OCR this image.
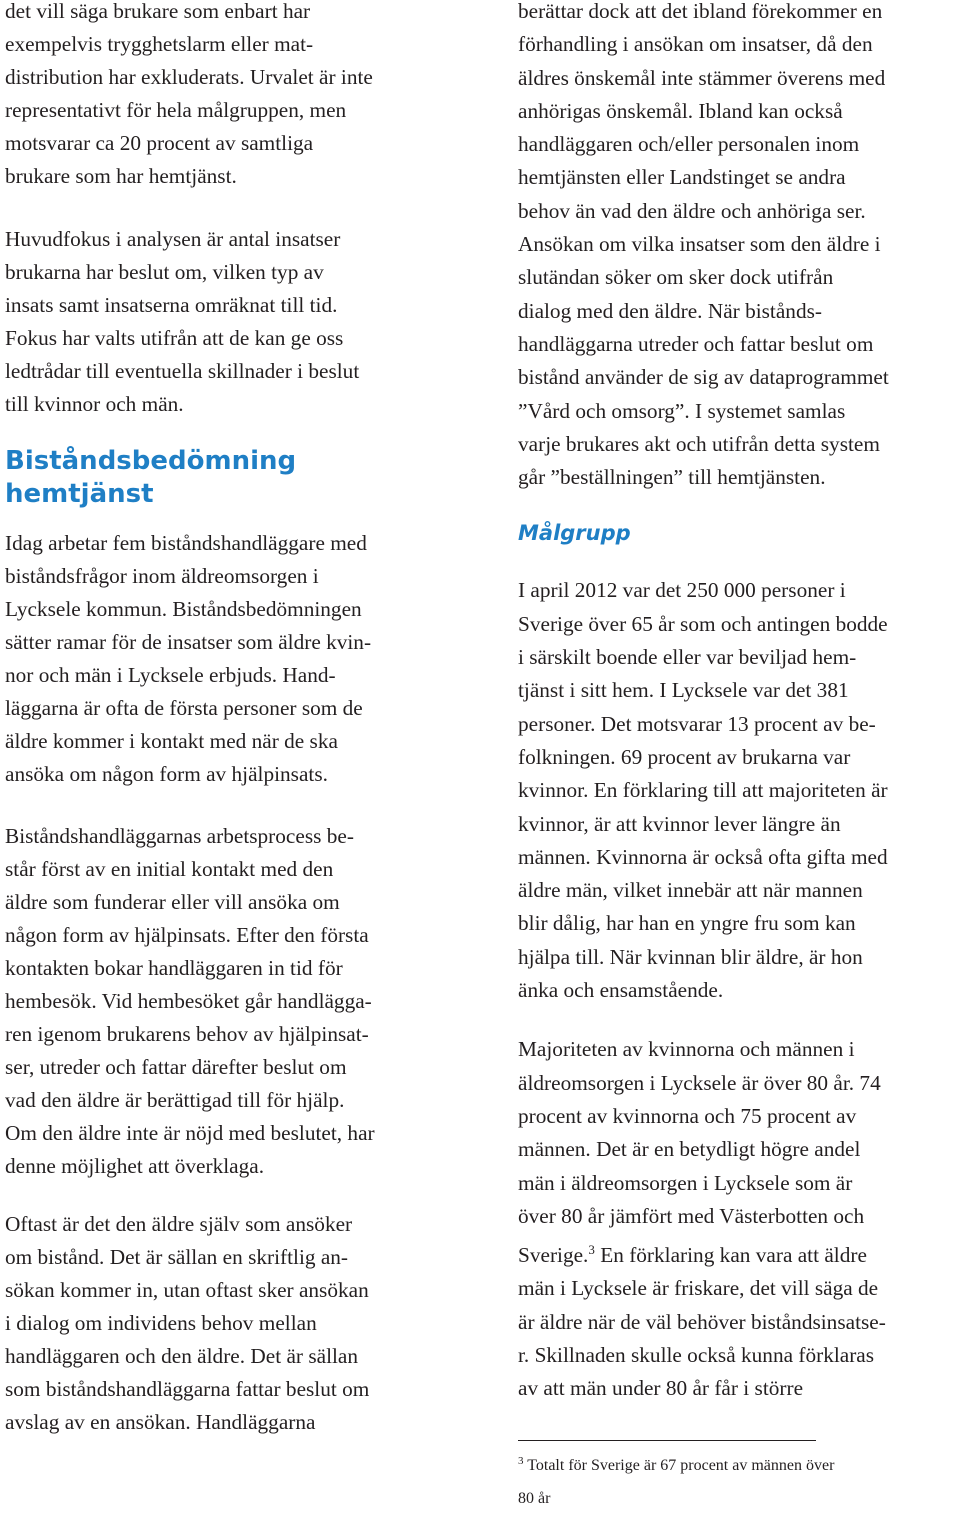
det vill säga brukare som enbart har
exempelvis trygghetslarm eller mat-
distribution har exkluderats. Urvalet är inte
representativt för hela målgruppen, men
motsvarar ca 20 procent av samtliga
brukare som har hemtjänst.

Huvudfokus i analysen är antal insatser
brukarna har beslut om, vilken typ av
insats samt insatserna omräknat till tid.
Fokus har valts utifrån att de kan ge oss
ledtrådar till eventuella skillnader i beslut
till kvinnor och män.

Biståndsbedömning
hemtjänst

Idag arbetar fem biståndshandläggare med
biståndsfrågor inom äldreomsorgen i
Lycksele kommun. Biståndsbedömningen
sätter ramar för de insatser som äldre kvin-
nor och män i Lycksele erbjuds. Hand-
läggarna är ofta de första personer som de
äldre kommer i kontakt med när de ska
ansöka om någon form av hjälpinsats.

Biståndshandläggarnas arbetsprocess be-
står först av en initial kontakt med den
äldre som funderar eller vill ansöka om
någon form av hjälpinsats. Efter den första
kontakten bokar handläggaren in tid för
hembesök. Vid hembesöket går handlägga-
ren igenom brukarens behov av hjälpinsat-
ser, utreder och fattar därefter beslut om
vad den äldre är berättigad till för hjälp.
Om den äldre inte är nöjd med beslutet, har
denne möjlighet att överklaga.

Oftast är det den äldre själv som ansöker
om bistånd. Det är sällan en skriftlig an-
sökan kommer in, utan oftast sker ansökan
i dialog om individens behov mellan
handläggaren och den äldre. Det är sällan
som biståndshandläggarna fattar beslut om
avslag av en ansökan. Handläggarna

berättar dock att det ibland förekommer en
förhandling i ansökan om insatser, då den
äldres önskemål inte stämmer överens med
anhörigas önskemål. Ibland kan också
handläggaren och/eller personalen inom
hemtjänsten eller Landstinget se andra
behov än vad den äldre och anhöriga ser.
Ansökan om vilka insatser som den äldre i
slutändan söker om sker dock utifrån
dialog med den äldre. När bistånds-
handläggarna utreder och fattar beslut om
bistånd använder de sig av dataprogrammet
”Vård och omsorg”. I systemet samlas
varje brukares akt och utifrån detta system
går ”beställningen” till hemtjänsten.

Målgrupp

I april 2012 var det 250 000 personer i
Sverige över 65 år som och antingen bodde
i särskilt boende eller var beviljad hem-
tjänst i sitt hem. I Lycksele var det 381
personer. Det motsvarar 13 procent av be-
folkningen. 69 procent av brukarna var
kvinnor. En förklaring till att majoriteten är
kvinnor, är att kvinnor lever längre än
männen. Kvinnorna är också ofta gifta med
äldre män, vilket innebär att när mannen
blir dålig, har han en yngre fru som kan
hjälpa till. När kvinnan blir äldre, är hon
änka och ensamstående.

Majoriteten av kvinnorna och männen i
äldreomsorgen i Lycksele är över 80 år. 74
procent av kvinnorna och 75 procent av
männen. Det är en betydligt högre andel
män i äldreomsorgen i Lycksele som är
över 80 år jämfört med Västerbotten och
Sverige.$^3$ En förklaring kan vara att äldre
män i Lycksele är friskare, det vill säga de
är äldre när de väl behöver biståndsinsatse-
r. Skillnaden skulle också kunna förklaras
av att män under 80 år får i större

$^3$ Totalt för Sverige är 67 procent av männen över
80 år
